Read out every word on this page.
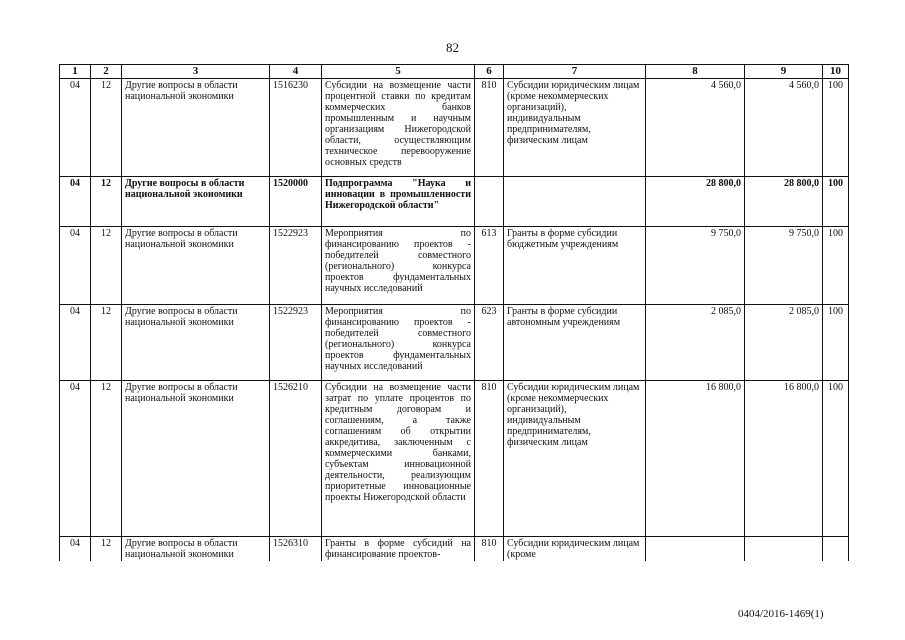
82
1	2	3	4	5	6	7	8	9	10
04	12	Другие вопросы в области национальной экономики	1516230	Субсидии на возмещение части процентной ставки по кредитам коммерческих банков промышленным и научным организациям Нижегородской области, осуществляющим техническое перевооружение основных средств	810	Субсидии юридическим лицам (кроме некоммерческих организаций), индивидуальным предпринимателям, физическим лицам	4 560,0	4 560,0	100
04	12	Другие вопросы в области национальной экономики	1520000	Подпрограмма "Наука и инновации в промышленности Нижегородской области"			28 800,0	28 800,0	100
04	12	Другие вопросы в области национальной экономики	1522923	Мероприятия по финансированию проектов - победителей совместного (регионального) конкурса проектов фундаментальных научных исследований	613	Гранты в форме субсидии бюджетным учреждениям	9 750,0	9 750,0	100
04	12	Другие вопросы в области национальной экономики	1522923	Мероприятия по финансированию проектов - победителей совместного (регионального) конкурса проектов фундаментальных научных исследований	623	Гранты в форме субсидии автономным учреждениям	2 085,0	2 085,0	100
04	12	Другие вопросы в области национальной экономики	1526210	Субсидии на возмещение части затрат по уплате процентов по кредитным договорам и соглашениям, а также соглашениям об открытии аккредитива, заключенным с коммерческими банками, субъектам инновационной деятельности, реализующим приоритетные инновационные проекты Нижегородской области	810	Субсидии юридическим лицам (кроме некоммерческих организаций), индивидуальным предпринимателям, физическим лицам	16 800,0	16 800,0	100
04	12	Другие вопросы в области национальной экономики	1526310	Гранты в форме субсидий на финансирование проектов-	810	Субсидии юридическим лицам (кроме			
0404/2016-1469(1)
